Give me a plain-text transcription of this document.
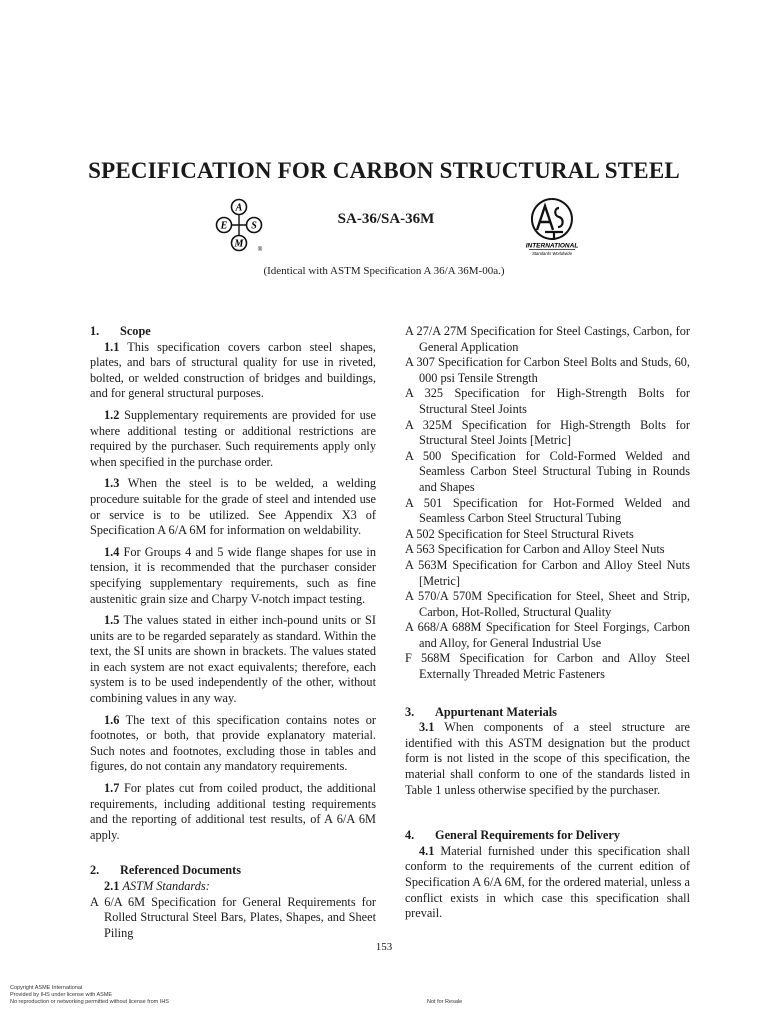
SPECIFICATION FOR CARBON STRUCTURAL STEEL
A
E S
M
®
SA-36/SA-36M
INTERNATIONAL
Standards Worldwide
(Identical with ASTM Specification A 36/A 36M-00a.)

1. Scope

1.1 This specification covers carbon steel shapes, plates, and bars of structural quality for use in riveted, bolted, or welded construction of bridges and buildings, and for general structural purposes.

1.2 Supplementary requirements are provided for use where additional testing or additional restrictions are required by the purchaser. Such requirements apply only when specified in the purchase order.

1.3 When the steel is to be welded, a welding procedure suitable for the grade of steel and intended use or service is to be utilized. See Appendix X3 of Specification A 6/A 6M for information on weldability.

1.4 For Groups 4 and 5 wide flange shapes for use in tension, it is recommended that the purchaser consider specifying supplementary requirements, such as fine austenitic grain size and Charpy V-notch impact testing.

1.5 The values stated in either inch-pound units or SI units are to be regarded separately as standard. Within the text, the SI units are shown in brackets. The values stated in each system are not exact equivalents; therefore, each system is to be used independently of the other, without combining values in any way.

1.6 The text of this specification contains notes or footnotes, or both, that provide explanatory material. Such notes and footnotes, excluding those in tables and figures, do not contain any mandatory requirements.

1.7 For plates cut from coiled product, the additional requirements, including additional testing requirements and the reporting of additional test results, of A 6/A 6M apply.

2. Referenced Documents

2.1 ASTM Standards:

A 6/A 6M Specification for General Requirements for Rolled Structural Steel Bars, Plates, Shapes, and Sheet Piling

A 27/A 27M Specification for Steel Castings, Carbon, for General Application

A 307 Specification for Carbon Steel Bolts and Studs, 60, 000 psi Tensile Strength

A 325 Specification for High-Strength Bolts for Structural Steel Joints

A 325M Specification for High-Strength Bolts for Structural Steel Joints [Metric]

A 500 Specification for Cold-Formed Welded and Seamless Carbon Steel Structural Tubing in Rounds and Shapes

A 501 Specification for Hot-Formed Welded and Seamless Carbon Steel Structural Tubing

A 502 Specification for Steel Structural Rivets

A 563 Specification for Carbon and Alloy Steel Nuts

A 563M Specification for Carbon and Alloy Steel Nuts [Metric]

A 570/A 570M Specification for Steel, Sheet and Strip, Carbon, Hot-Rolled, Structural Quality

A 668/A 688M Specification for Steel Forgings, Carbon and Alloy, for General Industrial Use

F 568M Specification for Carbon and Alloy Steel Externally Threaded Metric Fasteners

3. Appurtenant Materials

3.1 When components of a steel structure are identified with this ASTM designation but the product form is not listed in the scope of this specification, the material shall conform to one of the standards listed in Table 1 unless otherwise specified by the purchaser.

4. General Requirements for Delivery

4.1 Material furnished under this specification shall conform to the requirements of the current edition of Specification A 6/A 6M, for the ordered material, unless a conflict exists in which case this specification shall prevail.

153
Copyright ASME International
Provided by IHS under license with ASME
No reproduction or networking permitted without license from IHS	Not for Resale
